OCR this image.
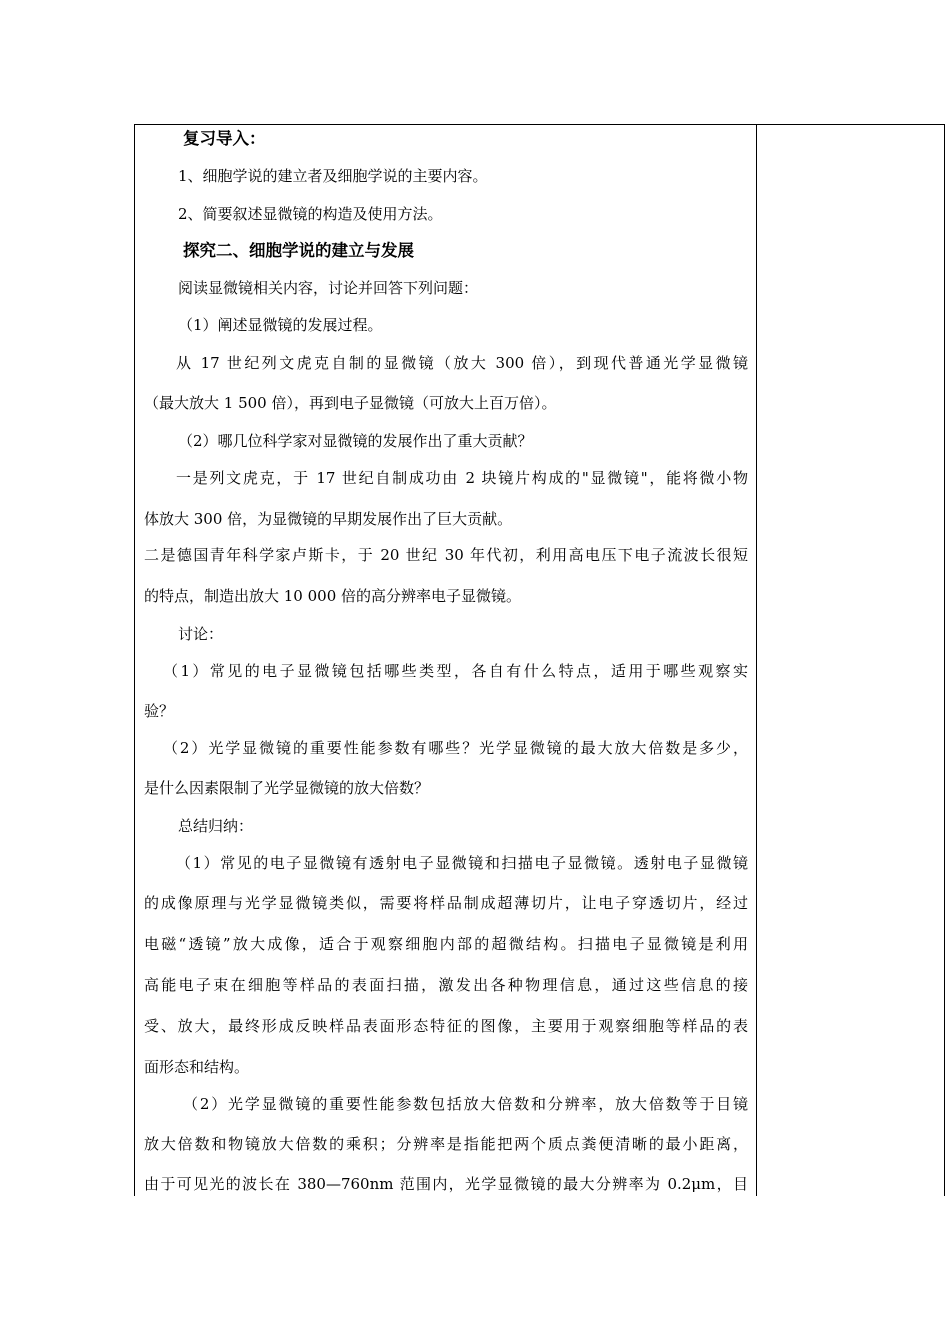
复习导入：
1、细胞学说的建立者及细胞学说的主要内容。
2、简要叙述显微镜的构造及使用方法。
探究二、细胞学说的建立与发展
阅读显微镜相关内容，讨论并回答下列问题：
（1）阐述显微镜的发展过程。
从 17 世纪列文虎克自制的显微镜（放大 300 倍），到现代普通光学显微镜
（最大放大 1 500 倍），再到电子显微镜（可放大上百万倍）。
（2）哪几位科学家对显微镜的发展作出了重大贡献？
一是列文虎克，于 17 世纪自制成功由 2 块镜片构成的"显微镜"，能将微小物
体放大 300 倍，为显微镜的早期发展作出了巨大贡献。
二是德国青年科学家卢斯卡，于 20 世纪 30 年代初，利用高电压下电子流波长很短
的特点，制造出放大 10 000 倍的高分辨率电子显微镜。
讨论：
（1）常见的电子显微镜包括哪些类型，各自有什么特点，适用于哪些观察实
验？
（2）光学显微镜的重要性能参数有哪些？光学显微镜的最大放大倍数是多少，
是什么因素限制了光学显微镜的放大倍数？
总结归纳：
（1）常见的电子显微镜有透射电子显微镜和扫描电子显微镜。透射电子显微镜
的成像原理与光学显微镜类似，需要将样品制成超薄切片，让电子穿透切片，经过
电磁“透镜”放大成像，适合于观察细胞内部的超微结构。扫描电子显微镜是利用
高能电子束在细胞等样品的表面扫描，激发出各种物理信息，通过这些信息的接
受、放大，最终形成反映样品表面形态特征的图像，主要用于观察细胞等样品的表
面形态和结构。
（2）光学显微镜的重要性能参数包括放大倍数和分辨率，放大倍数等于目镜
放大倍数和物镜放大倍数的乘积；分辨率是指能把两个质点粪便清晰的最小距离，
由于可见光的波长在 380—760nm 范围内，光学显微镜的最大分辨率为 0.2μm，目
